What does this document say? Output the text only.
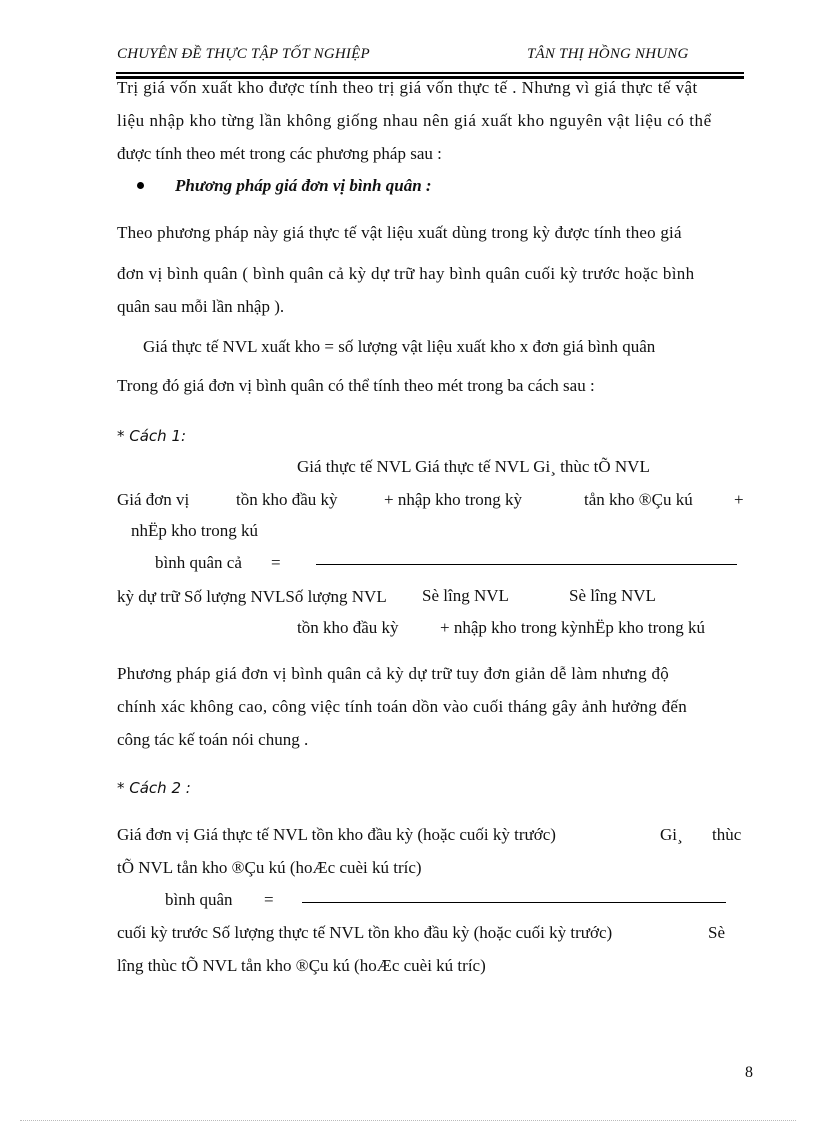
CHUYÊN ĐỀ THỰC TẬP TỐT NGHIỆP	TÂN THỊ HỒNG NHUNG
Trị giá vốn xuất kho được tính theo trị giá vốn thực tế . Nhưng vì giá thực tế vật
liệu nhập kho từng lần không giống nhau nên giá xuất kho nguyên vật liệu có thể
được tính theo mét trong các phương pháp sau :
Phương pháp giá đơn vị bình quân :
Theo phương pháp này giá thực tế vật liệu xuất dùng trong kỳ được tính theo giá
đơn vị bình quân ( bình quân cả kỳ dự trữ hay bình quân cuối kỳ trước hoặc bình
quân sau mỗi lần nhập ).
Giá thực tế NVL xuất kho = số lượng vật liệu xuất kho x đơn giá bình quân
Trong đó giá đơn vị bình quân có thể tính theo mét trong ba cách sau :
* Cách 1:
Giá thực tế NVL Giá thực tế NVL Gi¸ thùc tÕ NVL
Giá đơn vị	tồn kho đầu kỳ	+ nhập kho trong kỳ	tån kho ®Çu kú +
nhËp kho trong kú
bình quân cả =
kỳ dự trữ Số lượng NVLSố lượng NVL Sè lîng NVL	Sè lîng NVL
tồn kho đầu kỳ + nhập kho trong kỳnhËp kho trong kú
Phương pháp giá đơn vị bình quân cả kỳ dự trữ tuy đơn giản dễ làm nhưng độ
chính xác không cao, công việc tính toán dồn vào cuối tháng gây ảnh hưởng đến
công tác kế toán nói chung .
* Cách 2 :
Giá đơn vị Giá thực tế NVL tồn kho đầu kỳ (hoặc cuối kỳ trước)	Gi¸ thùc
tÕ NVL tån kho ®Çu kú (hoÆc cuèi kú tríc)
bình quân =
cuối kỳ trước Số lượng thực tế NVL tồn kho đầu kỳ (hoặc cuối kỳ trước)	Sè
lîng thùc tÕ NVL tån kho ®Çu kú (hoÆc cuèi kú tríc)
8
